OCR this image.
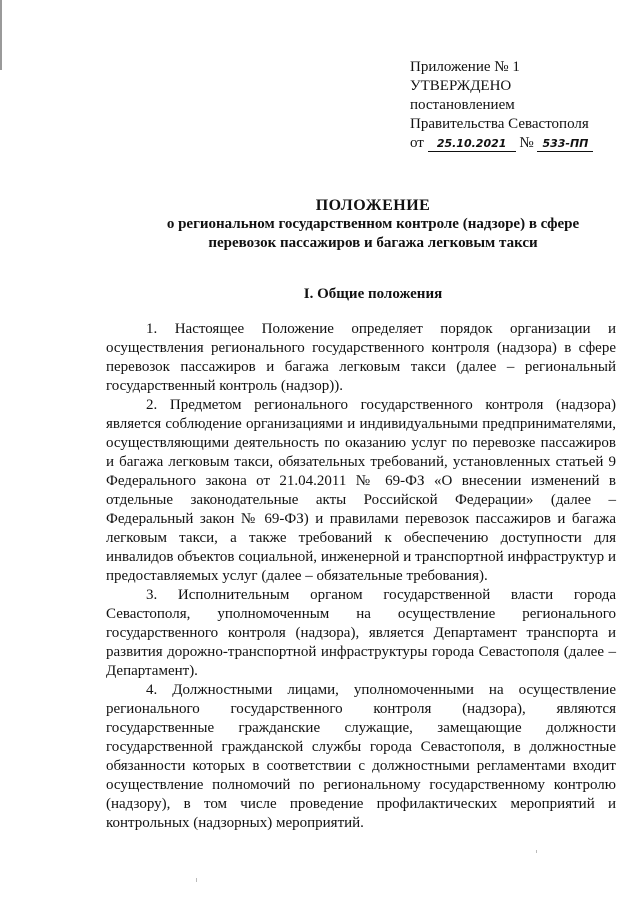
Приложение № 1
УТВЕРЖДЕНО
постановлением
Правительства Севастополя
от 25.10.2021 № 533-ПП
ПОЛОЖЕНИЕ
о региональном государственном контроле (надзоре) в сфере
перевозок пассажиров и багажа легковым такси
I. Общие положения

1. Настоящее Положение определяет порядок организации и осуществления регионального государственного контроля (надзора) в сфере перевозок пассажиров и багажа легковым такси (далее – региональный государственный контроль (надзор)).

2. Предметом регионального государственного контроля (надзора) является соблюдение организациями и индивидуальными предпринимателями, осуществляющими деятельность по оказанию услуг по перевозке пассажиров и багажа легковым такси, обязательных требований, установленных статьей 9 Федерального закона от 21.04.2011 № 69-ФЗ «О внесении изменений в отдельные законодательные акты Российской Федерации» (далее – Федеральный закон № 69-ФЗ) и правилами перевозок пассажиров и багажа легковым такси, а также требований к обеспечению доступности для инвалидов объектов социальной, инженерной и транспортной инфраструктур и предоставляемых услуг (далее – обязательные требования).

3. Исполнительным органом государственной власти города Севастополя, уполномоченным на осуществление регионального государственного контроля (надзора), является Департамент транспорта и развития дорожно-транспортной инфраструктуры города Севастополя (далее – Департамент).

4. Должностными лицами, уполномоченными на осуществление регионального государственного контроля (надзора), являются государственные гражданские служащие, замещающие должности государственной гражданской службы города Севастополя, в должностные обязанности которых в соответствии с должностными регламентами входит осуществление полномочий по региональному государственному контролю (надзору), в том числе проведение профилактических мероприятий и контрольных (надзорных) мероприятий.
